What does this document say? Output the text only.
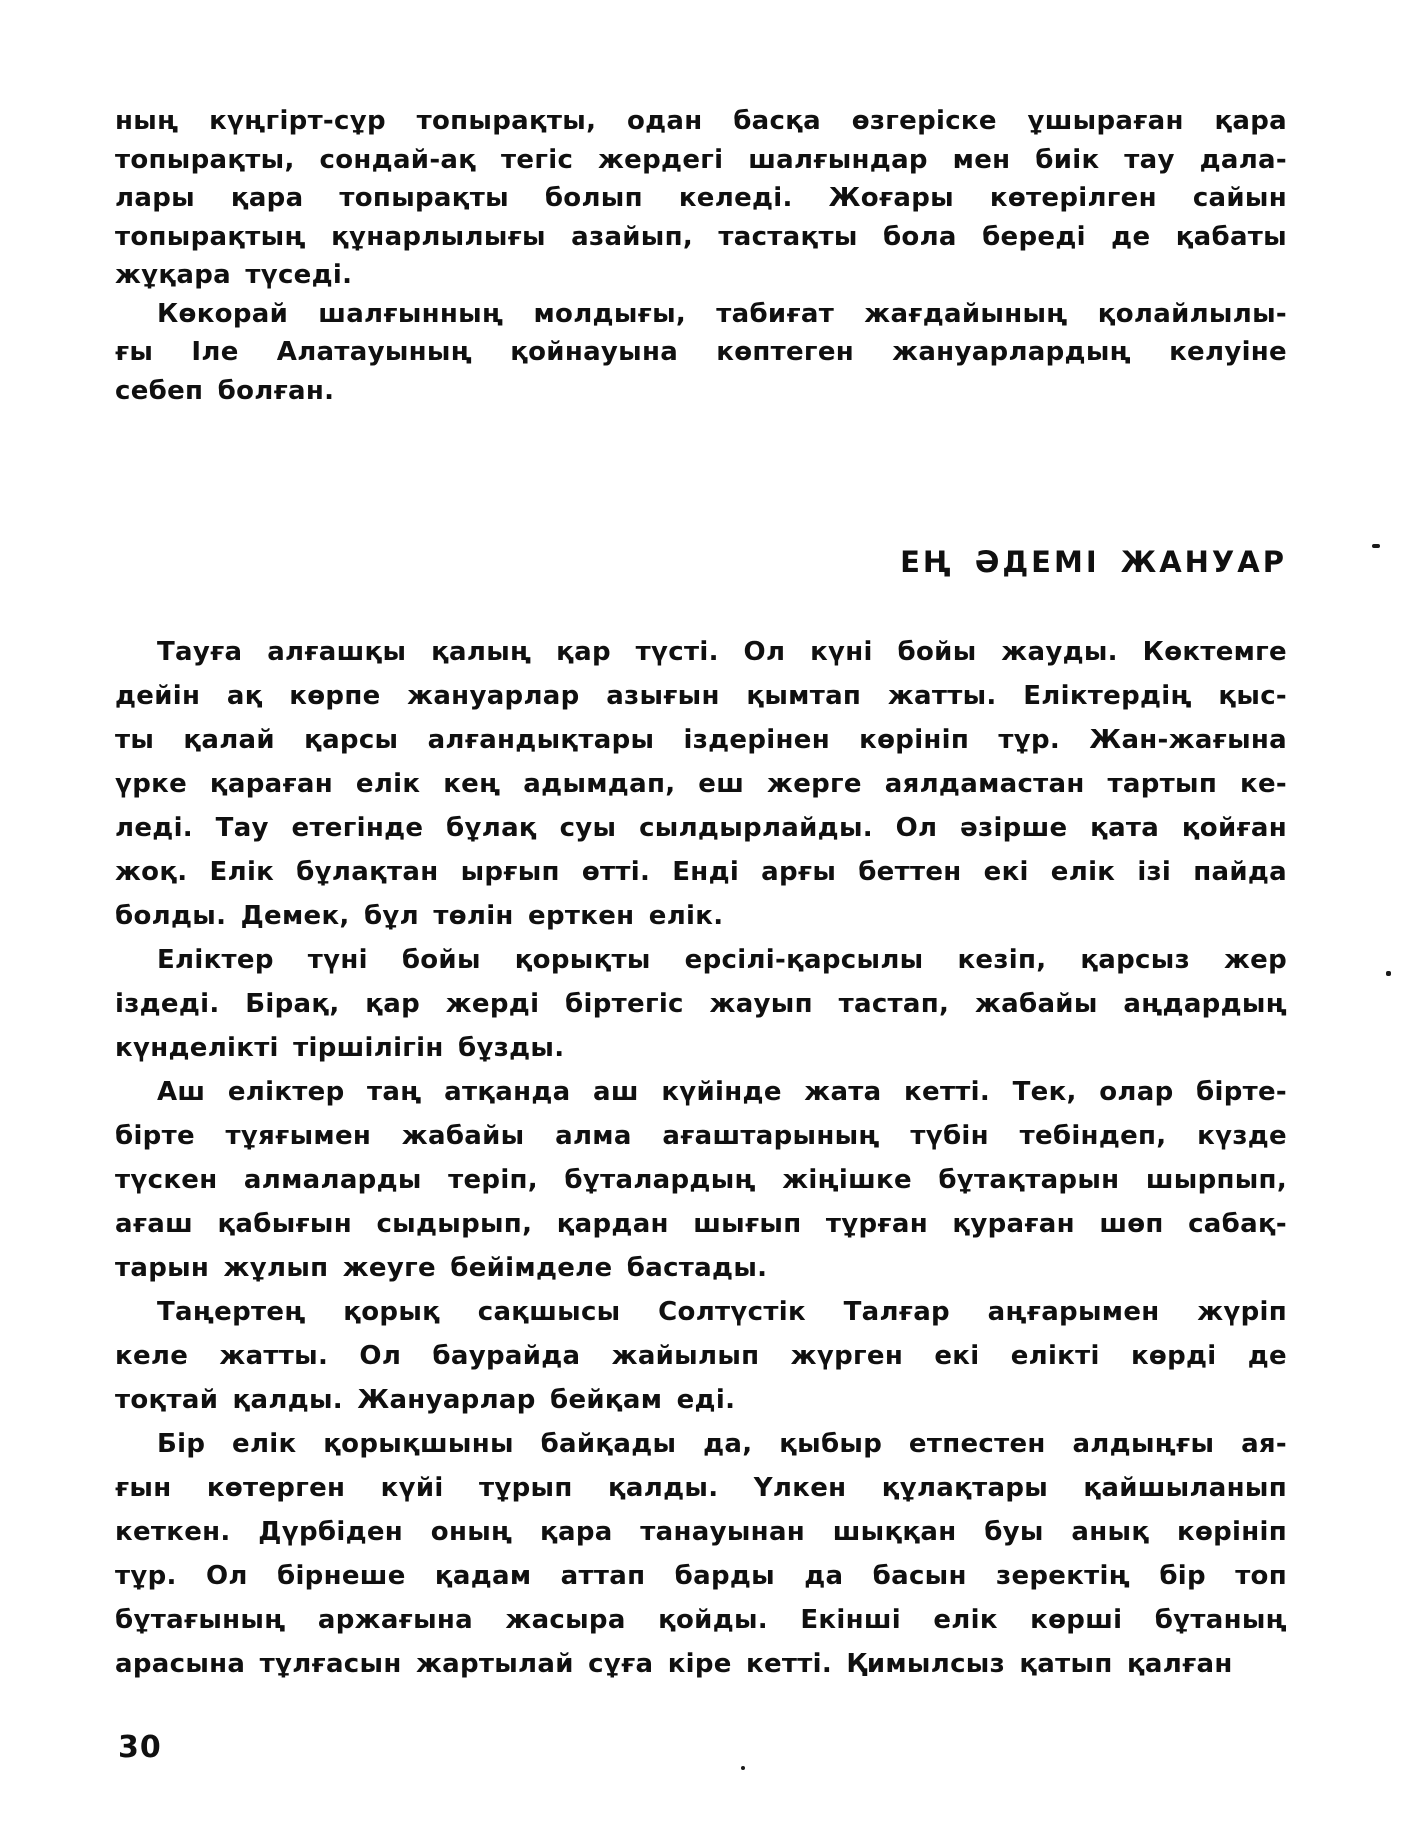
ның күңгірт-сұр топырақты, одан басқа өзгеріске ұшыраған қара
топырақты, сондай-ақ тегіс жердегі шалғындар мен биік тау дала-
лары қара топырақты болып келеді. Жоғары көтерілген сайын
топырақтың құнарлылығы азайып, тастақты бола береді де қабаты
жұқара түседі.

Көкорай шалғынның молдығы, табиғат жағдайының қолайлылы-
ғы Іле Алатауының қойнауына көптеген жануарлардың келуіне
себеп болған.

ЕҢ ӘДЕМІ ЖАНУАР

Тауға алғашқы қалың қар түсті. Ол күні бойы жауды. Көктемге
дейін ақ көрпе жануарлар азығын қымтап жатты. Еліктердің қыс-
ты қалай қарсы алғандықтары іздерінен көрініп тұр. Жан-жағына
үрке қараған елік кең адымдап, еш жерге аялдамастан тартып ке-
леді. Тау етегінде бұлақ суы сылдырлайды. Ол әзірше қата қойған
жоқ. Елік бұлақтан ырғып өтті. Енді арғы беттен екі елік ізі пайда
болды. Демек, бұл төлін ерткен елік.

Еліктер түні бойы қорықты ерсілі-қарсылы кезіп, қарсыз жер
іздеді. Бірақ, қар жерді біртегіс жауып тастап, жабайы аңдардың
күнделікті тіршілігін бұзды.

Аш еліктер таң атқанда аш күйінде жата кетті. Тек, олар бірте-
бірте тұяғымен жабайы алма ағаштарының түбін тебіндеп, күзде
түскен алмаларды теріп, бұталардың жіңішке бұтақтарын шырпып,
ағаш қабығын сыдырып, қардан шығып тұрған қураған шөп сабақ-
тарын жұлып жеуге бейімделе бастады.

Таңертең қорық сақшысы Солтүстік Талғар аңғарымен жүріп
келе жатты. Ол баурайда жайылып жүрген екі елікті көрді де
тоқтай қалды. Жануарлар бейқам еді.

Бір елік қорықшыны байқады да, қыбыр етпестен алдыңғы ая-
ғын көтерген күйі тұрып қалды. Үлкен құлақтары қайшыланып
кеткен. Дүрбіден оның қара танауынан шыққан буы анық көрініп
тұр. Ол бірнеше қадам аттап барды да басын зеректің бір топ
бұтағының аржағына жасыра қойды. Екінші елік көрші бұтаның
арасына тұлғасын жартылай сұға кіре кетті. Қимылсыз қатып қалған

30
